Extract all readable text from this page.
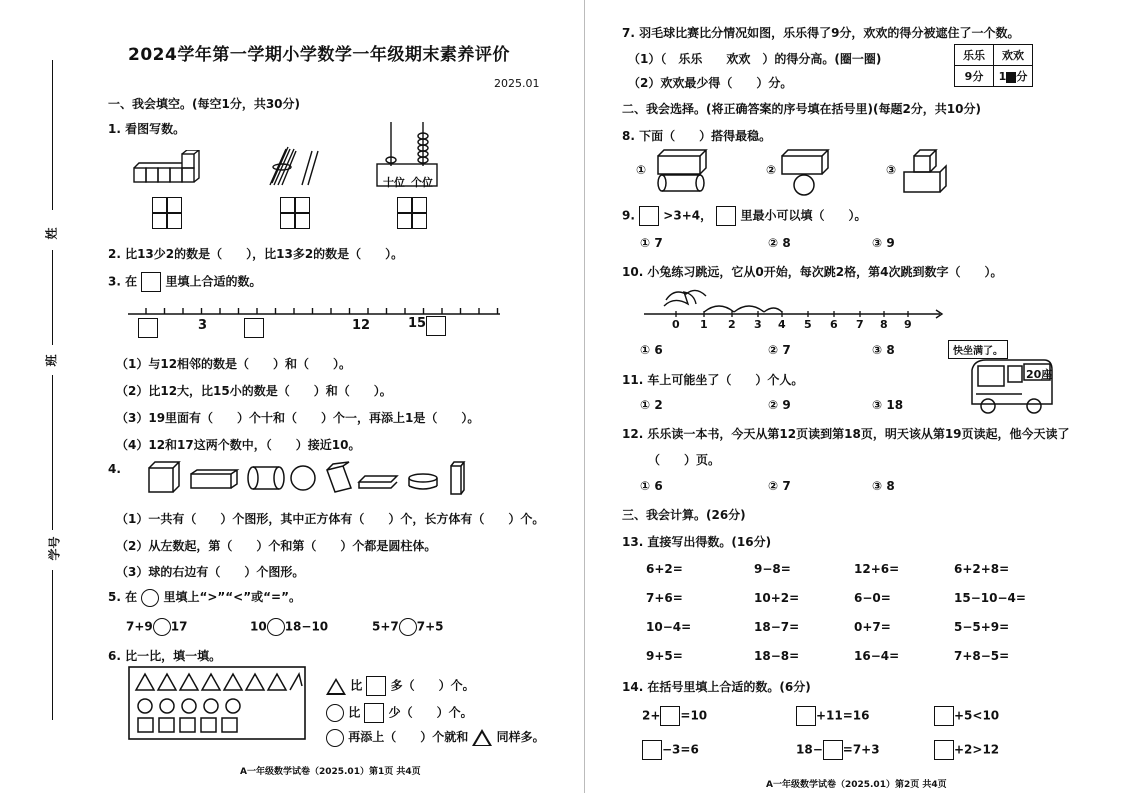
姓
班
学号
2024学年第一学期小学数学一年级期末素养评价
2025.01
一、我会填空。(每空1分，共30分)
1. 看图写数。
十位 个位
2. 比13少2的数是（　　），比13多2的数是（　　）。
3. 在 里填上合适的数。
3	12	15
（1）与12相邻的数是（　　）和（　　）。
（2）比12大，比15小的数是（　　）和（　　）。
（3）19里面有（　　）个十和（　　）个一，再添上1是（　　）。
（4）12和17这两个数中，（　　）接近10。
4.
（1）一共有（　　）个图形，其中正方体有（　　）个，长方体有（　　）个。
（2）从左数起，第（　　）个和第（　　）个都是圆柱体。
（3）球的右边有（　　）个图形。
5. 在 里填上“>”“<”或“=”。
7+9 17	10 18−10	5+7 7+5
6. 比一比，填一填。
比 多（　　）个。
比 少（　　）个。
再添上（　　）个就和 同样多。
A一年级数学试卷（2025.01）第1页 共4页
7. 羽毛球比赛比分情况如图，乐乐得了9分，欢欢的得分被遮住了一个数。
（1）（　乐乐　　欢欢　）的得分高。(圈一圈)
（2）欢欢最少得（　　）分。
乐乐	欢欢
9分	1 分
二、我会选择。(将正确答案的序号填在括号里)(每题2分，共10分)
8. 下面（　　）搭得最稳。
①	②	③
9. >3+4， 里最小可以填（　　）。
① 7	② 8	③ 9
10. 小兔练习跳远，它从0开始，每次跳2格，第4次跳到数字（　　）。
0 1 2 3 4 5 6 7 8 9
① 6	② 7	③ 8	快坐满了。
20座
11. 车上可能坐了（　　）个人。
① 2	② 9	③ 18
12. 乐乐读一本书，今天从第12页读到第18页，明天该从第19页读起，他今天读了
（　　）页。
① 6	② 7	③ 8
三、我会计算。(26分)
13. 直接写出得数。(16分)
6+2=	9−8=	12+6=	6+2+8=
7+6=	10+2=	6−0=	15−10−4=
10−4=	18−7=	0+7=	5−5+9=
9+5=	18−8=	16−4=	7+8−5=
14. 在括号里填上合适的数。(6分)
2+ =10	+11=16	+5<10
−3=6	18− =7+3	+2>12
A一年级数学试卷（2025.01）第2页 共4页
